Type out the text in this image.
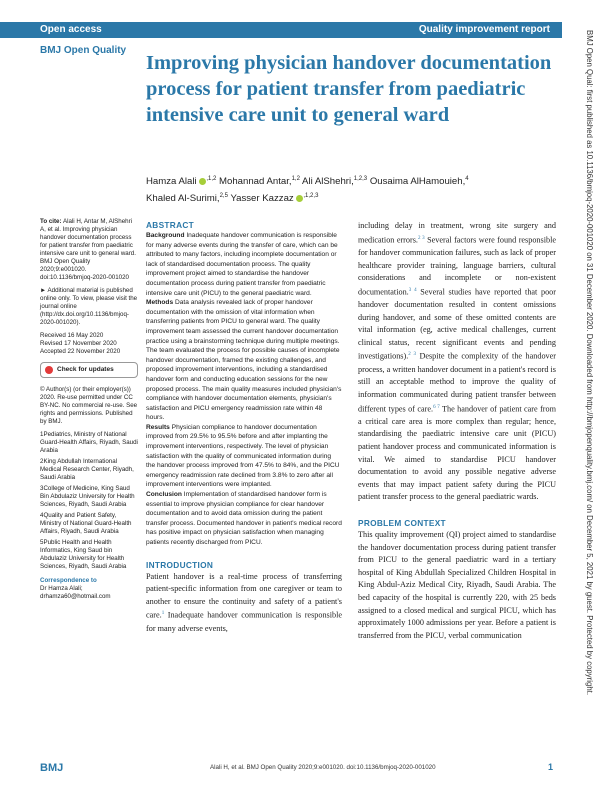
Open access	Quality improvement report
BMJ Open Quality
Improving physician handover documentation process for patient transfer from paediatric intensive care unit to general ward
Hamza Alali $^{,1,2}$ Mohannad Antar,$^{1,2}$ Ali AlShehri,$^{1,2,3}$ Ousaima AlHamouieh,$^4$
Khaled Al-Surimi,$^{2,5}$ Yasser Kazzaz $^{,1,2,3}$

To cite: Alali H, Antar M, AlShehri A, et al. Improving physician handover documentation process for patient transfer from paediatric intensive care unit to general ward. BMJ Open Quality 2020;9:e001020. doi:10.1136/bmjoq-2020-001020

► Additional material is published online only. To view, please visit the journal online (http://dx.doi.org/10.1136/bmjoq-2020-001020).

Received 16 May 2020
Revised 17 November 2020
Accepted 22 November 2020

Check for updates

© Author(s) (or their employer(s)) 2020. Re-use permitted under CC BY-NC. No commercial re-use. See rights and permissions. Published by BMJ.

1Pediatrics, Ministry of National Guard-Health Affairs, Riyadh, Saudi Arabia

2King Abdullah International Medical Research Center, Riyadh, Saudi Arabia

3College of Medicine, King Saud Bin Abdulaziz University for Health Sciences, Riyadh, Saudi Arabia

4Quality and Patient Safety, Ministry of National Guard-Health Affairs, Riyadh, Saudi Arabia

5Public Health and Health Informatics, King Saud bin Abdulaziz University for Health Sciences, Riyadh, Saudi Arabia

Correspondence to
Dr Hamza Alali;
drhamza60@hotmail.com
ABSTRACT

Background Inadequate handover communication is responsible for many adverse events during the transfer of care, which can be attributed to many factors, including incomplete documentation or lack of standardised documentation process. The quality improvement project aimed to standardise the handover documentation process during patient transfer from paediatric intensive care unit (PICU) to the general paediatric ward.

Methods Data analysis revealed lack of proper handover documentation with the omission of vital information when transferring patients from PICU to general ward. The quality improvement team assessed the current handover documentation practice using a brainstorming technique during multiple meetings. The team evaluated the process for possible causes of incomplete handover documentation, framed the existing challenges, and proposed improvement interventions, including a standardised handover form and conducting education sessions for the new proposed process. The main quality measures included physician's compliance with handover documentation elements, physician's satisfaction and PICU emergency readmission rate within 48 hours.

Results Physician compliance to handover documentation improved from 29.5% to 95.5% before and after implanting the improvement interventions, respectively. The level of physician satisfaction with the quality of communicated information during the handover process improved from 47.5% to 84%, and the PICU emergency readmission rate declined from 3.8% to zero after all improvement interventions were implanted.

Conclusion Implementation of standardised handover form is essential to improve physician compliance for clear handover documentation and to avoid data omission during the patient transfer process. Documented handover in patient's medical record has positive impact on physician satisfaction when managing patients recently discharged from PICU.

INTRODUCTION

Patient handover is a real-time process of transferring patient-specific information from one caregiver or team to another to ensure the continuity and safety of a patient's care.$^1$ Inadequate handover communication is responsible for many adverse events,

including delay in treatment, wrong site surgery and medication errors.$^{2 3}$ Several factors were found responsible for handover communication failures, such as lack of proper healthcare provider training, language barriers, cultural considerations and incomplete or non-existent documentation.$^{3 4}$ Several studies have reported that poor handover documentation resulted in content omissions during handover, and some of these omitted contents are vital information (eg, active medical challenges, current clinical status, recent significant events and pending investigations).$^{2 3}$ Despite the complexity of the handover process, a written handover document in a patient's record is still an acceptable method to improve the quality of information communicated during patient transfer between different types of care.$^{6 7}$ The handover of patient care from a critical care area is more complex than regular; hence, standardising the paediatric intensive care unit (PICU) patient handover process and communicated information is vital. We aimed to standardise PICU handover documentation to avoid any possible negative adverse events that may impact patient safety during the PICU patient transfer process to the general paediatric wards.

PROBLEM CONTEXT

This quality improvement (QI) project aimed to standardise the handover documentation process during patient transfer from PICU to the general paediatric ward in a tertiary hospital of King Abdullah Specialized Children Hospital in King Abdul-Aziz Medical City, Riyadh, Saudi Arabia. The bed capacity of the hospital is currently 220, with 25 beds assigned to a closed medical and surgical PICU, which has approximately 1000 admissions per year. Before a patient is transferred from the PICU, verbal communication	BMJ Open Qual: first published as 10.1136/bmjoq-2020-001020 on 31 December 2020. Downloaded from http://bmjopenquality.bmj.com/ on December 5, 2021 by guest. Protected by copyright.
BMJ	Alali H, et al. BMJ Open Quality 2020;9:e001020. doi:10.1136/bmjoq-2020-001020	1
